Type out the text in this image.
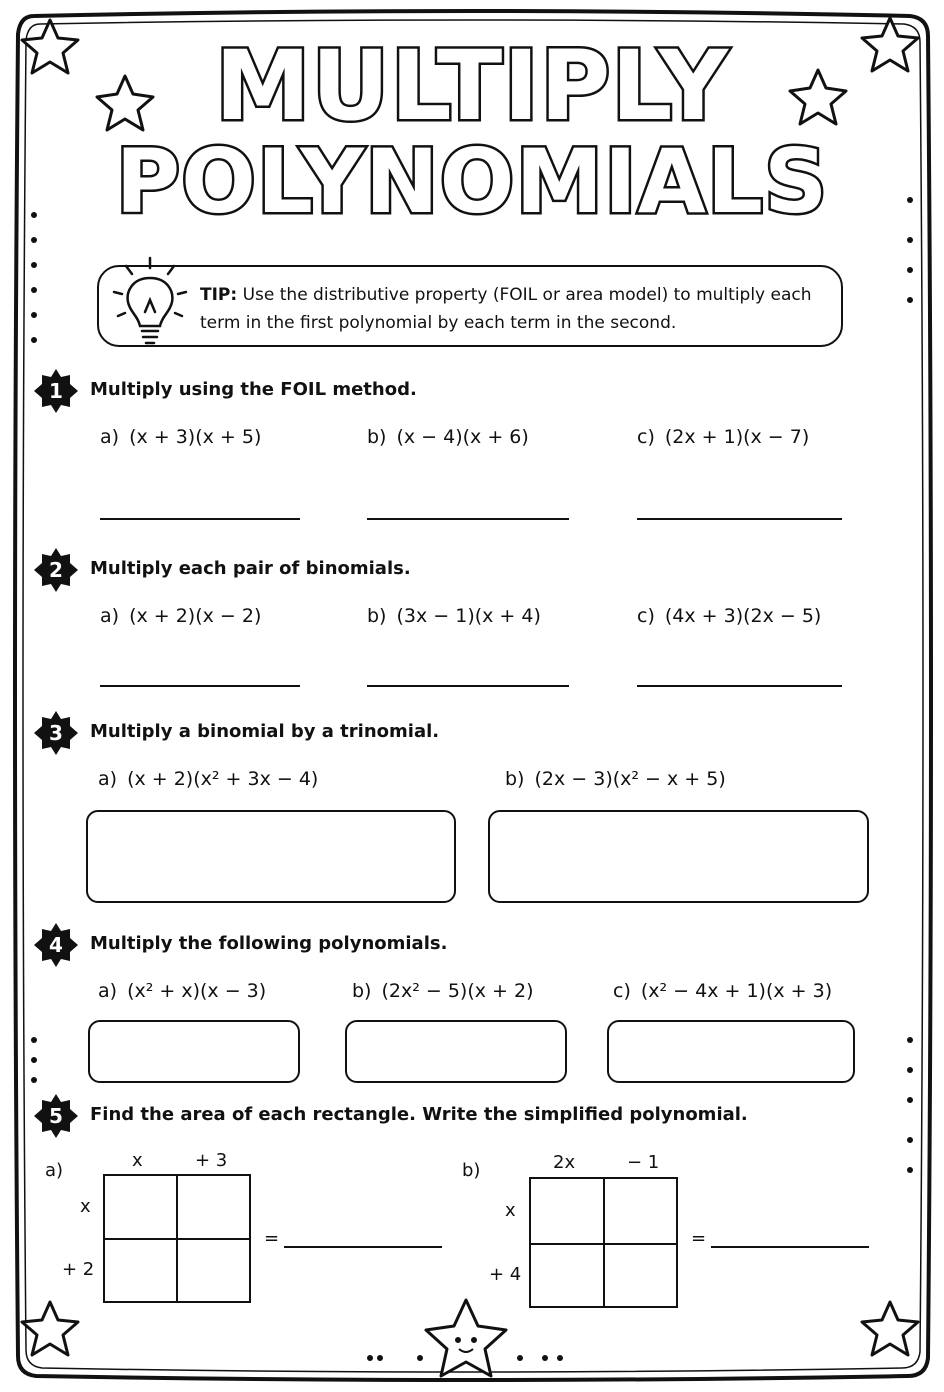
MULTIPLY
POLYNOMIALS
TIP: Use the distributive property (FOIL or area model) to multiply each term in the first polynomial by each term in the second.
1	Multiply using the FOIL method.
a) (x + 3)(x + 5)	b) (x − 4)(x + 6)	c) (2x + 1)(x − 7)
2	Multiply each pair of binomials.
a) (x + 2)(x − 2)	b) (3x − 1)(x + 4)	c) (4x + 3)(2x − 5)
3	Multiply a binomial by a trinomial.
a) (x + 2)(x² + 3x − 4)	b) (2x − 3)(x² − x + 5)
4	Multiply the following polynomials.
a) (x² + x)(x − 3)	b) (2x² − 5)(x + 2)	c) (x² − 4x + 1)(x + 3)
5	Find the area of each rectangle. Write the simplified polynomial.
a)	x	+ 3
x
+ 2
=
b)	2x	− 1
x
+ 4
=
